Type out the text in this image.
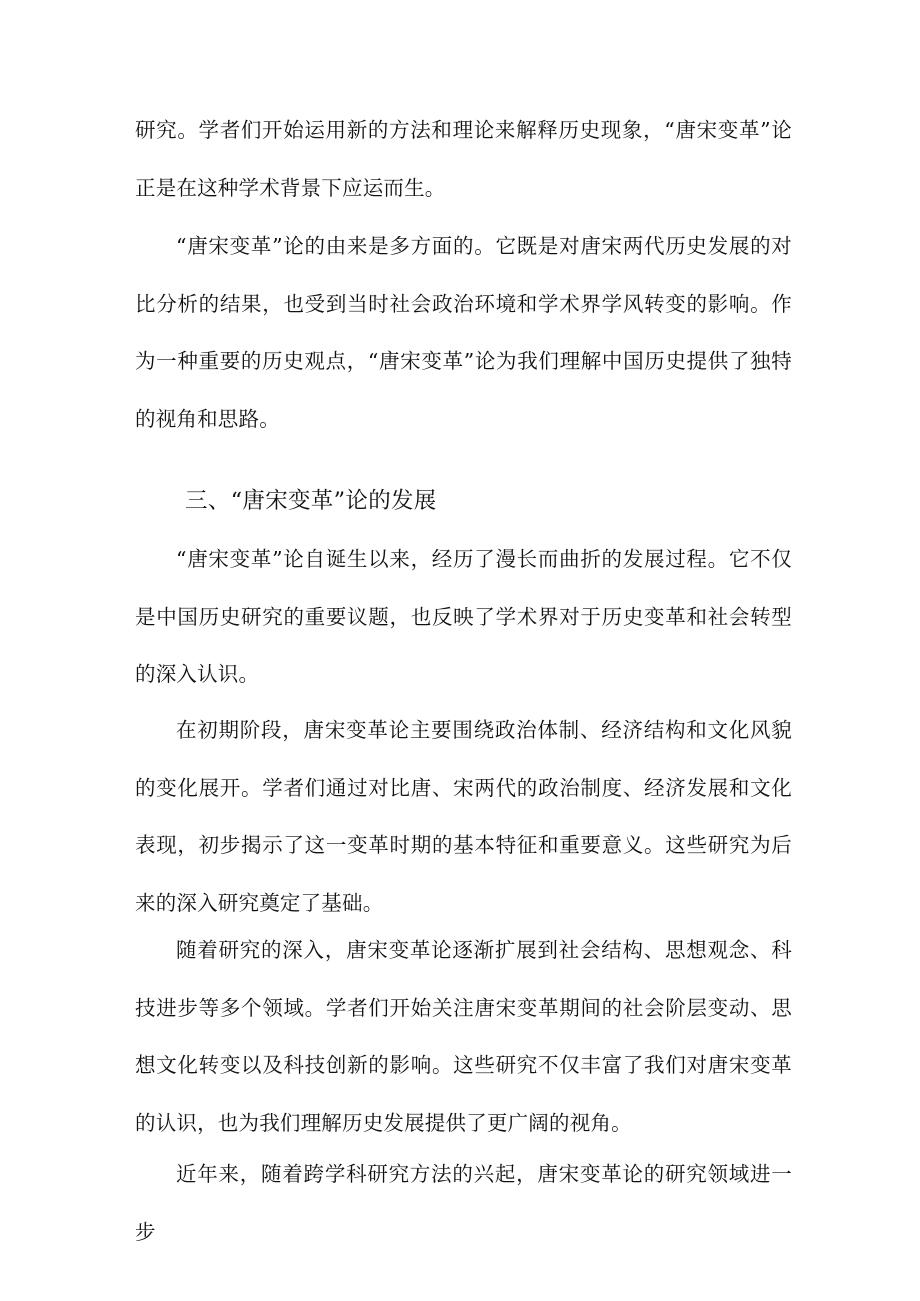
研究。学者们开始运用新的方法和理论来解释历史现象，“唐宋变革”论正是在这种学术背景下应运而生。

“唐宋变革”论的由来是多方面的。它既是对唐宋两代历史发展的对比分析的结果，也受到当时社会政治环境和学术界学风转变的影响。作为一种重要的历史观点，“唐宋变革”论为我们理解中国历史提供了独特的视角和思路。

三、“唐宋变革”论的发展

“唐宋变革”论自诞生以来，经历了漫长而曲折的发展过程。它不仅是中国历史研究的重要议题，也反映了学术界对于历史变革和社会转型的深入认识。

在初期阶段，唐宋变革论主要围绕政治体制、经济结构和文化风貌的变化展开。学者们通过对比唐、宋两代的政治制度、经济发展和文化表现，初步揭示了这一变革时期的基本特征和重要意义。这些研究为后来的深入研究奠定了基础。

随着研究的深入，唐宋变革论逐渐扩展到社会结构、思想观念、科技进步等多个领域。学者们开始关注唐宋变革期间的社会阶层变动、思想文化转变以及科技创新的影响。这些研究不仅丰富了我们对唐宋变革的认识，也为我们理解历史发展提供了更广阔的视角。

近年来，随着跨学科研究方法的兴起，唐宋变革论的研究领域进一步
